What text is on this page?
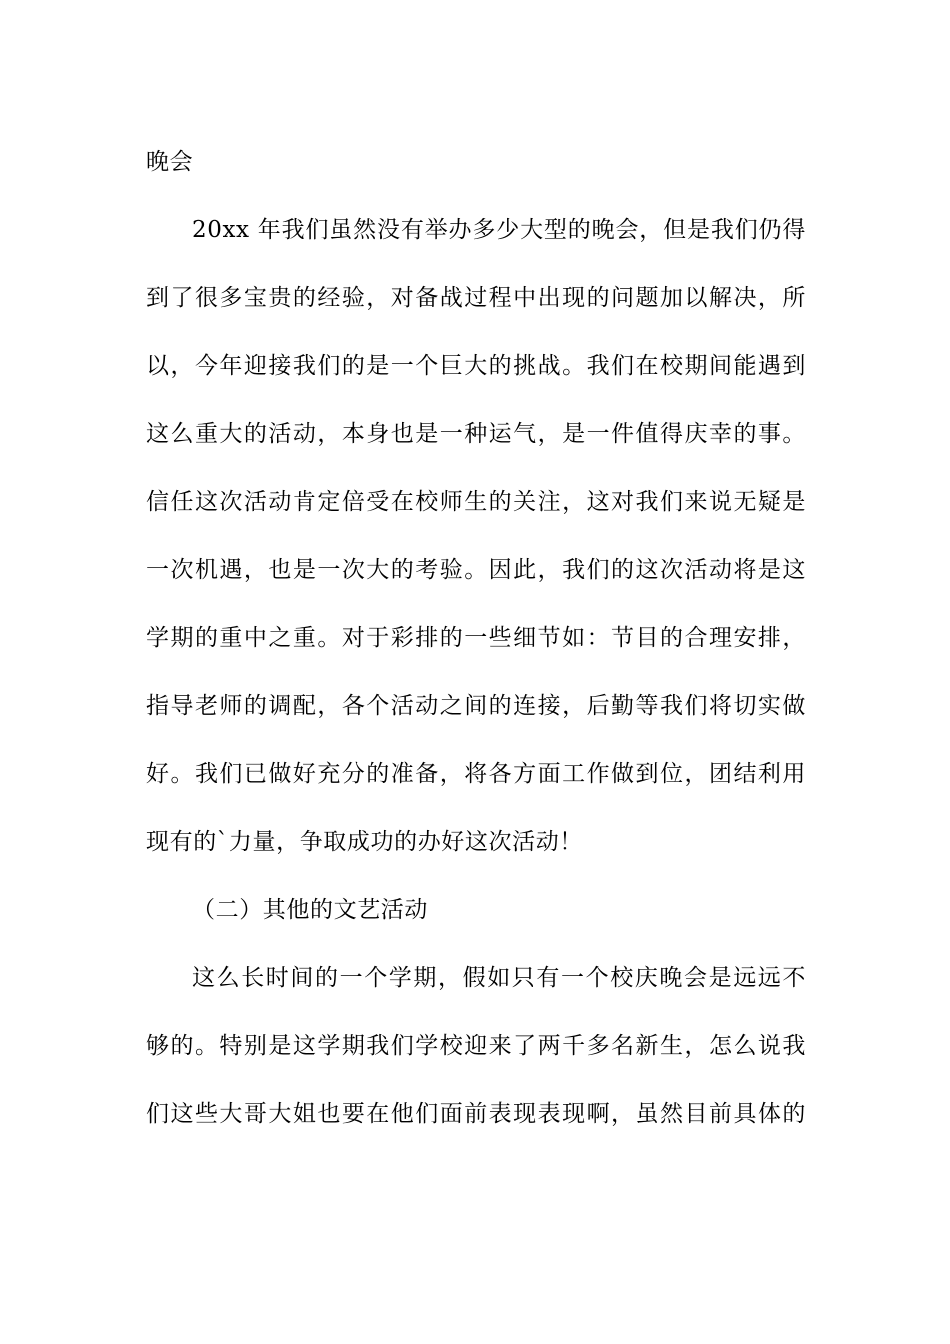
晚会
20xx 年我们虽然没有举办多少大型的晚会，但是我们仍得
到了很多宝贵的经验，对备战过程中出现的问题加以解决，所
以，今年迎接我们的是一个巨大的挑战。我们在校期间能遇到
这么重大的活动，本身也是一种运气，是一件值得庆幸的事。
信任这次活动肯定倍受在校师生的关注，这对我们来说无疑是
一次机遇，也是一次大的考验。因此，我们的这次活动将是这
学期的重中之重。对于彩排的一些细节如：节目的合理安排，
指导老师的调配，各个活动之间的连接，后勤等我们将切实做
好。我们已做好充分的准备，将各方面工作做到位，团结利用
现有的`力量，争取成功的办好这次活动！
（二）其他的文艺活动
这么长时间的一个学期，假如只有一个校庆晚会是远远不
够的。特别是这学期我们学校迎来了两千多名新生，怎么说我
们这些大哥大姐也要在他们面前表现表现啊，虽然目前具体的
